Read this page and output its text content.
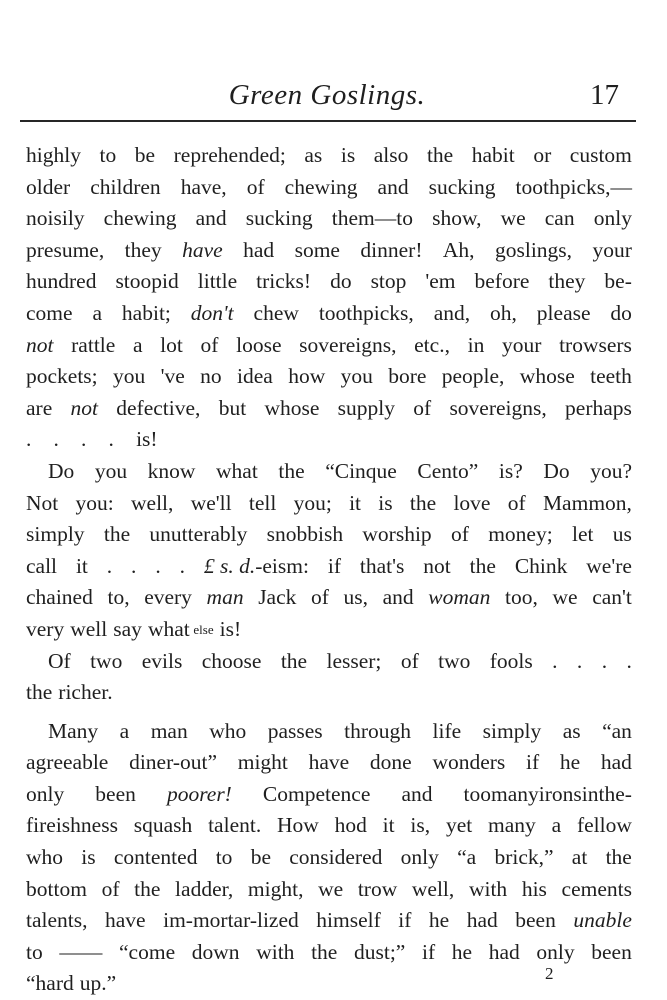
Green Goslings.	17
highly to be reprehended; as is also the habit or custom
older children have, of chewing and sucking toothpicks,—
noisily chewing and sucking them—to show, we can only
presume, they have had some dinner! Ah, goslings, your
hundred stoopid little tricks! do stop 'em before they be-
come a habit; don't chew toothpicks, and, oh, please do
not rattle a lot of loose sovereigns, etc., in your trowsers
pockets; you 've no idea how you bore people, whose teeth
are not defective, but whose supply of sovereigns, perhaps
. . . . is!
Do you know what the “Cinque Cento” is? Do you?
Not you: well, we'll tell you; it is the love of Mammon,
simply the unutterably snobbish worship of money; let us
call it . . . . £ s. d.-eism: if that's not the Chink we're
chained to, every man Jack of us, and woman too, we can't
very well say what else is!
Of two evils choose the lesser; of two fools . . . .
the richer.
Many a man who passes through life simply as “an
agreeable diner-out” might have done wonders if he had
only been poorer! Competence and toomanyironsinthe-
fireishness squash talent. How hod it is, yet many a fellow
who is contented to be considered only “a brick,” at the
bottom of the ladder, might, we trow well, with his cements
talents, have im-mortar-lized himself if he had been unable
to —— “come down with the dust;” if he had only been
“hard up.”	2
